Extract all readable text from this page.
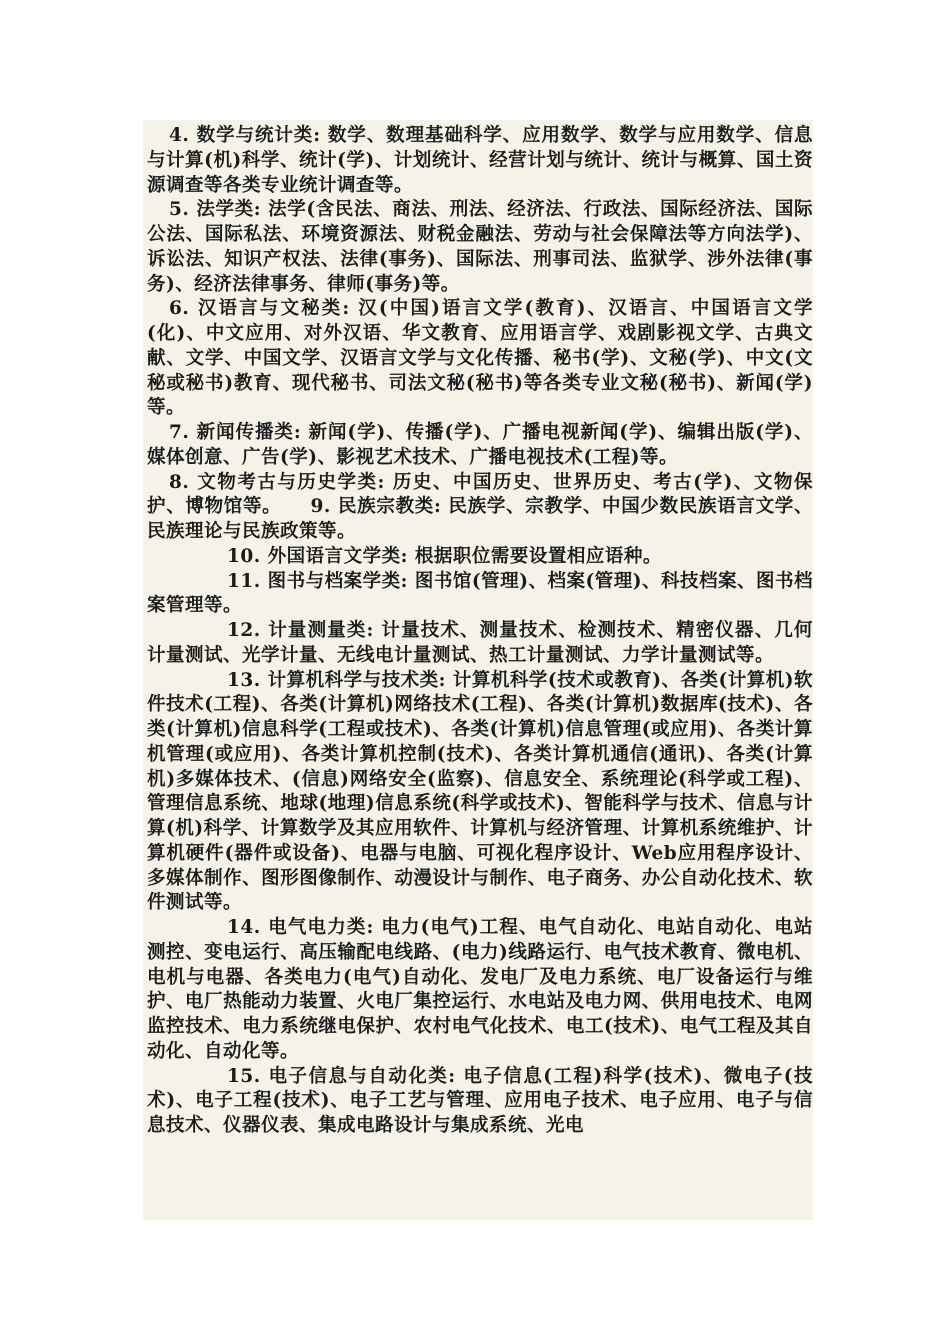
4. 数学与统计类: 数学、数理基础科学、应用数学、数学与应用数学、信息与计算(机)科学、统计(学)、计划统计、经营计划与统计、统计与概算、国土资源调查等各类专业统计调查等。

5. 法学类: 法学(含民法、商法、刑法、经济法、行政法、国际经济法、国际公法、国际私法、环境资源法、财税金融法、劳动与社会保障法等方向法学)、诉讼法、知识产权法、法律(事务)、国际法、刑事司法、监狱学、涉外法律(事务)、经济法律事务、律师(事务)等。

6. 汉语言与文秘类: 汉(中国)语言文学(教育)、汉语言、中国语言文学(化)、中文应用、对外汉语、华文教育、应用语言学、戏剧影视文学、古典文献、文学、中国文学、汉语言文学与文化传播、秘书(学)、文秘(学)、中文(文秘或秘书)教育、现代秘书、司法文秘(秘书)等各类专业文秘(秘书)、新闻(学)等。

7. 新闻传播类: 新闻(学)、传播(学)、广播电视新闻(学)、编辑出版(学)、媒体创意、广告(学)、影视艺术技术、广播电视技术(工程)等。

8. 文物考古与历史学类: 历史、中国历史、世界历史、考古(学)、文物保护、博物馆等。　　9. 民族宗教类: 民族学、宗教学、中国少数民族语言文学、民族理论与民族政策等。

10. 外国语言文学类: 根据职位需要设置相应语种。

11. 图书与档案学类: 图书馆(管理)、档案(管理)、科技档案、图书档案管理等。

12. 计量测量类: 计量技术、测量技术、检测技术、精密仪器、几何计量测试、光学计量、无线电计量测试、热工计量测试、力学计量测试等。

13. 计算机科学与技术类: 计算机科学(技术或教育)、各类(计算机)软件技术(工程)、各类(计算机)网络技术(工程)、各类(计算机)数据库(技术)、各类(计算机)信息科学(工程或技术)、各类(计算机)信息管理(或应用)、各类计算机管理(或应用)、各类计算机控制(技术)、各类计算机通信(通讯)、各类(计算机)多媒体技术、(信息)网络安全(监察)、信息安全、系统理论(科学或工程)、管理信息系统、地球(地理)信息系统(科学或技术)、智能科学与技术、信息与计算(机)科学、计算数学及其应用软件、计算机与经济管理、计算机系统维护、计算机硬件(器件或设备)、电器与电脑、可视化程序设计、Web应用程序设计、多媒体制作、图形图像制作、动漫设计与制作、电子商务、办公自动化技术、软件测试等。

14. 电气电力类: 电力(电气)工程、电气自动化、电站自动化、电站测控、变电运行、高压输配电线路、(电力)线路运行、电气技术教育、微电机、电机与电器、各类电力(电气)自动化、发电厂及电力系统、电厂设备运行与维护、电厂热能动力装置、火电厂集控运行、水电站及电力网、供用电技术、电网监控技术、电力系统继电保护、农村电气化技术、电工(技术)、电气工程及其自动化、自动化等。

15. 电子信息与自动化类: 电子信息(工程)科学(技术)、微电子(技术)、电子工程(技术)、电子工艺与管理、应用电子技术、电子应用、电子与信息技术、仪器仪表、集成电路设计与集成系统、光电
